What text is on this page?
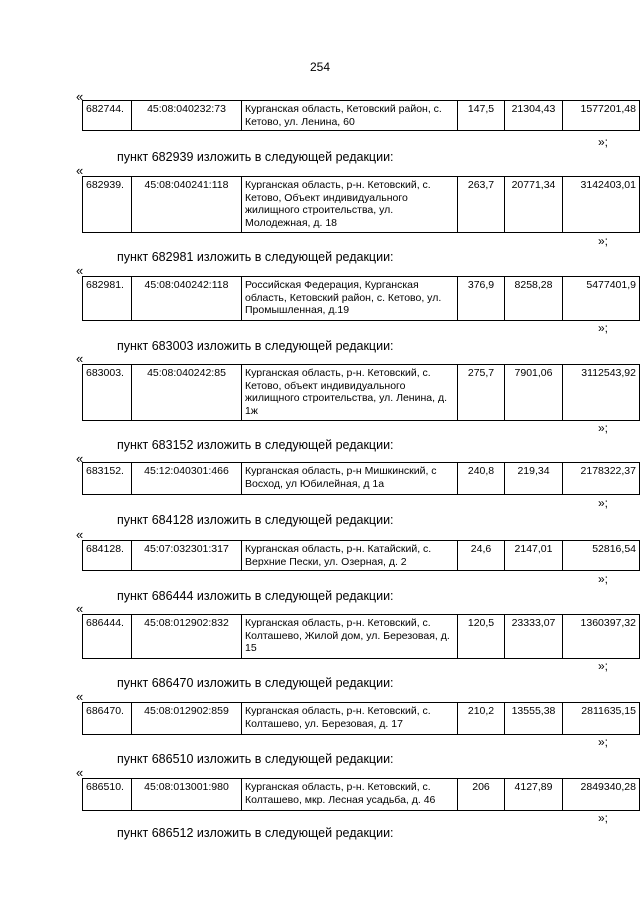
254
«
682744.	45:08:040232:73	Курганская область, Кетовский район, с. Кетово, ул. Ленина, 60	147,5	21304,43	1577201,48
»;
пункт 682939 изложить в следующей редакции:
«
682939.	45:08:040241:118	Курганская область, р-н. Кетовский, с. Кетово, Объект индивидуального жилищного строительства, ул. Молодежная, д. 18	263,7	20771,34	3142403,01
»;
пункт 682981 изложить в следующей редакции:
«
682981.	45:08:040242:118	Российская Федерация, Курганская область, Кетовский район, с. Кетово, ул. Промышленная, д.19	376,9	8258,28	5477401,9
»;
пункт 683003 изложить в следующей редакции:
«
683003.	45:08:040242:85	Курганская область, р-н. Кетовский, с. Кетово, объект индивидуального жилищного строительства, ул. Ленина, д. 1ж	275,7	7901,06	3112543,92
»;
пункт 683152 изложить в следующей редакции:
«
683152.	45:12:040301:466	Курганская область, р-н Мишкинский, с Восход, ул Юбилейная, д 1а	240,8	219,34	2178322,37
»;
пункт 684128 изложить в следующей редакции:
«
684128.	45:07:032301:317	Курганская область, р-н. Катайский, с. Верхние Пески, ул. Озерная, д. 2	24,6	2147,01	52816,54
»;
пункт 686444 изложить в следующей редакции:
«
686444.	45:08:012902:832	Курганская область, р-н. Кетовский, с. Колташево, Жилой дом, ул. Березовая, д. 15	120,5	23333,07	1360397,32
»;
пункт 686470 изложить в следующей редакции:
«
686470.	45:08:012902:859	Курганская область, р-н. Кетовский, с. Колташево, ул. Березовая, д. 17	210,2	13555,38	2811635,15
»;
пункт 686510 изложить в следующей редакции:
«
686510.	45:08:013001:980	Курганская область, р-н. Кетовский, с. Колташево, мкр. Лесная усадьба, д. 46	206	4127,89	2849340,28
»;
пункт 686512 изложить в следующей редакции:
